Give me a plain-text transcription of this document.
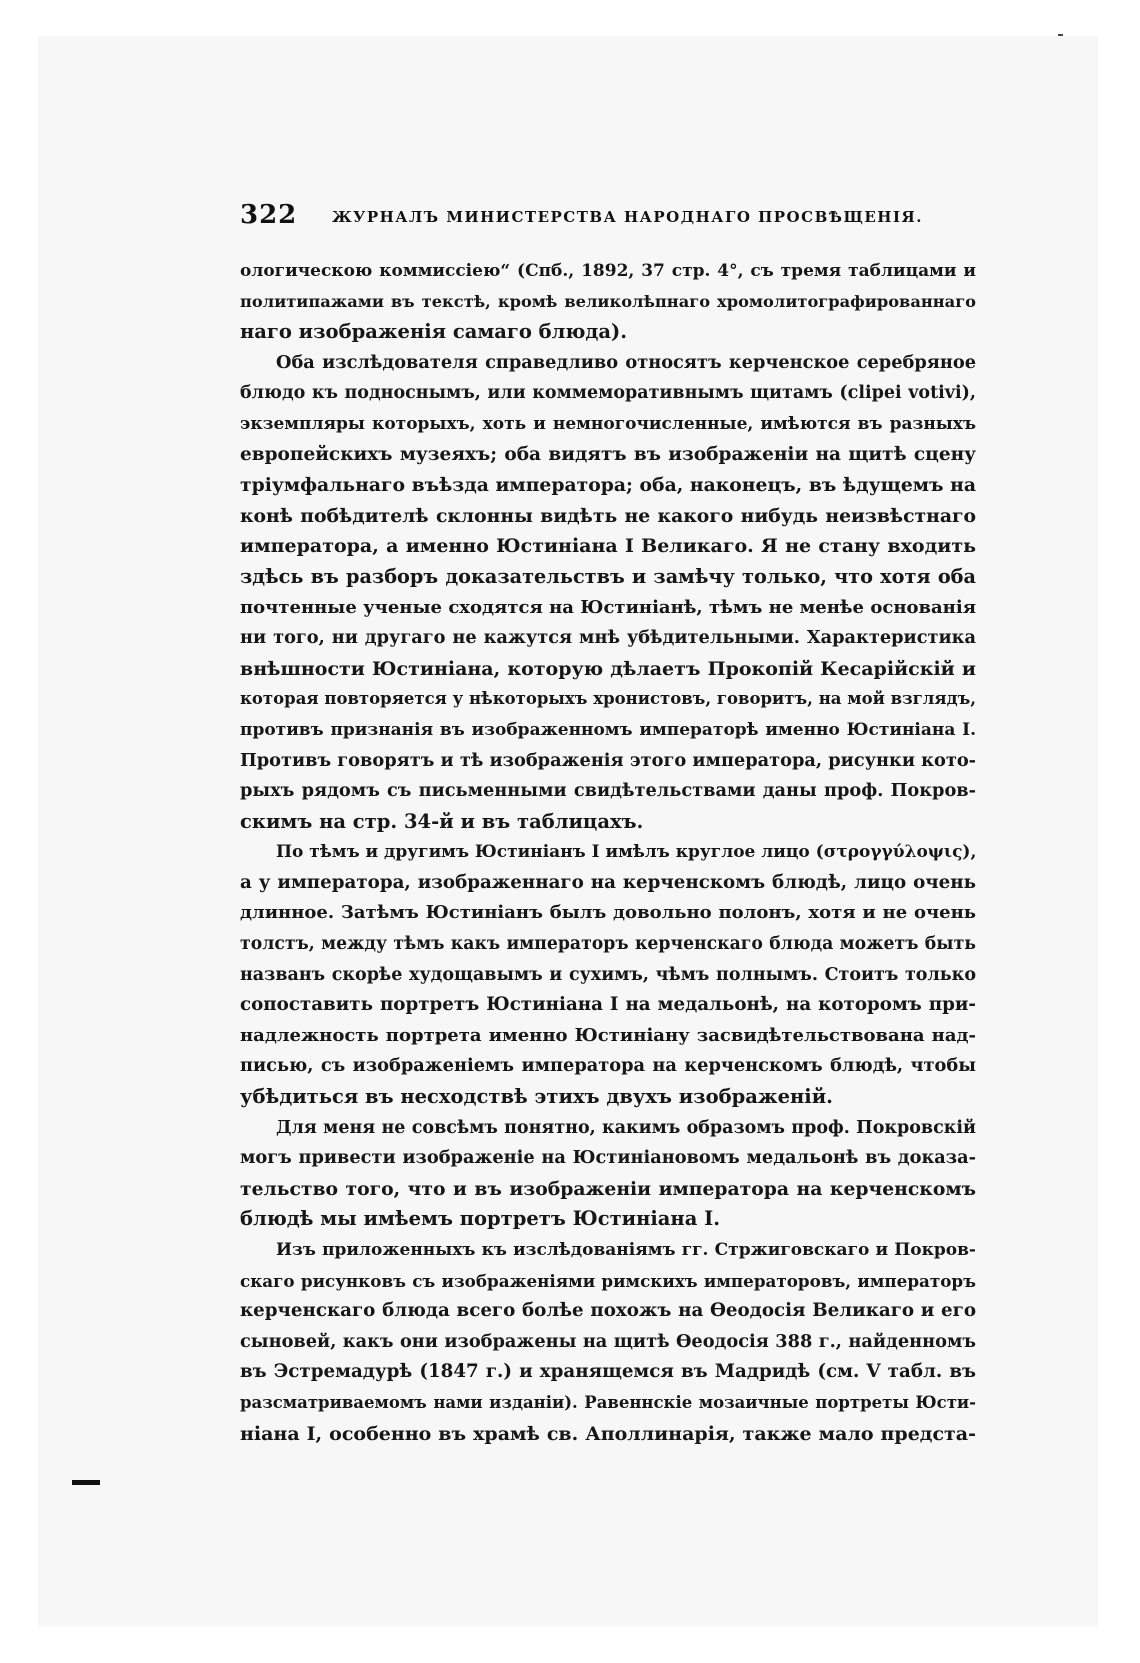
322 ЖУРНАЛЪ МИНИСТЕРСТВА НАРОДНАГО ПРОСВѢЩЕНІЯ.
ологическою коммиссіею“ (Спб., 1892, 37 стр. 4°, съ тремя таблицами и
политипажами въ текстѣ, кромѣ великолѣпнаго хромолитографированнаго
наго изображенія самаго блюда).
Оба изслѣдователя справедливо относятъ керченское серебряное
блюдо къ подноснымъ, или коммеморативнымъ щитамъ (clipei votivi),
экземпляры которыхъ, хоть и немногочисленные, имѣются въ разныхъ
европейскихъ музеяхъ; оба видятъ въ изображеніи на щитѣ сцену
тріумфальнаго въѣзда императора; оба, наконецъ, въ ѣдущемъ на
конѣ побѣдителѣ склонны видѣть не какого нибудь неизвѣстнаго
императора, а именно Юстиніана I Великаго. Я не стану входить
здѣсь въ разборъ доказательствъ и замѣчу только, что хотя оба
почтенные ученые сходятся на Юстиніанѣ, тѣмъ не менѣе основанія
ни того, ни другаго не кажутся мнѣ убѣдительными. Характеристика
внѣшности Юстиніана, которую дѣлаетъ Прокопій Кесарійскій и
которая повторяется у нѣкоторыхъ хронистовъ, говоритъ, на мой взглядъ,
противъ признанія въ изображенномъ императорѣ именно Юстиніана I.
Противъ говорятъ и тѣ изображенія этого императора, рисунки кото-
рыхъ рядомъ съ письменными свидѣтельствами даны проф. Покров-
скимъ на стр. 34-й и въ таблицахъ.
По тѣмъ и другимъ Юстиніанъ I имѣлъ круглое лицо (στρογγύλοψις),
а у императора, изображеннаго на керченскомъ блюдѣ, лицо очень
длинное. Затѣмъ Юстиніанъ былъ довольно полонъ, хотя и не очень
толстъ, между тѣмъ какъ императоръ керченскаго блюда можетъ быть
названъ скорѣе худощавымъ и сухимъ, чѣмъ полнымъ. Стоитъ только
сопоставить портретъ Юстиніана I на медальонѣ, на которомъ при-
надлежность портрета именно Юстиніану засвидѣтельствована над-
писью, съ изображеніемъ императора на керченскомъ блюдѣ, чтобы
убѣдиться въ несходствѣ этихъ двухъ изображеній.
Для меня не совсѣмъ понятно, какимъ образомъ проф. Покровскій
могъ привести изображеніе на Юстиніановомъ медальонѣ въ доказа-
тельство того, что и въ изображеніи императора на керченскомъ
блюдѣ мы имѣемъ портретъ Юстиніана I.
Изъ приложенныхъ къ изслѣдованіямъ гг. Стржиговскаго и Покров-
скаго рисунковъ съ изображеніями римскихъ императоровъ, императоръ
керченскаго блюда всего болѣе похожъ на Ѳеодосія Великаго и его
сыновей, какъ они изображены на щитѣ Ѳеодосія 388 г., найденномъ
въ Эстремадурѣ (1847 г.) и хранящемся въ Мадридѣ (см. V табл. въ
разсматриваемомъ нами изданіи). Равеннскіе мозаичные портреты Юсти-
ніана I, особенно въ храмѣ св. Аполлинарія, также мало предста-
